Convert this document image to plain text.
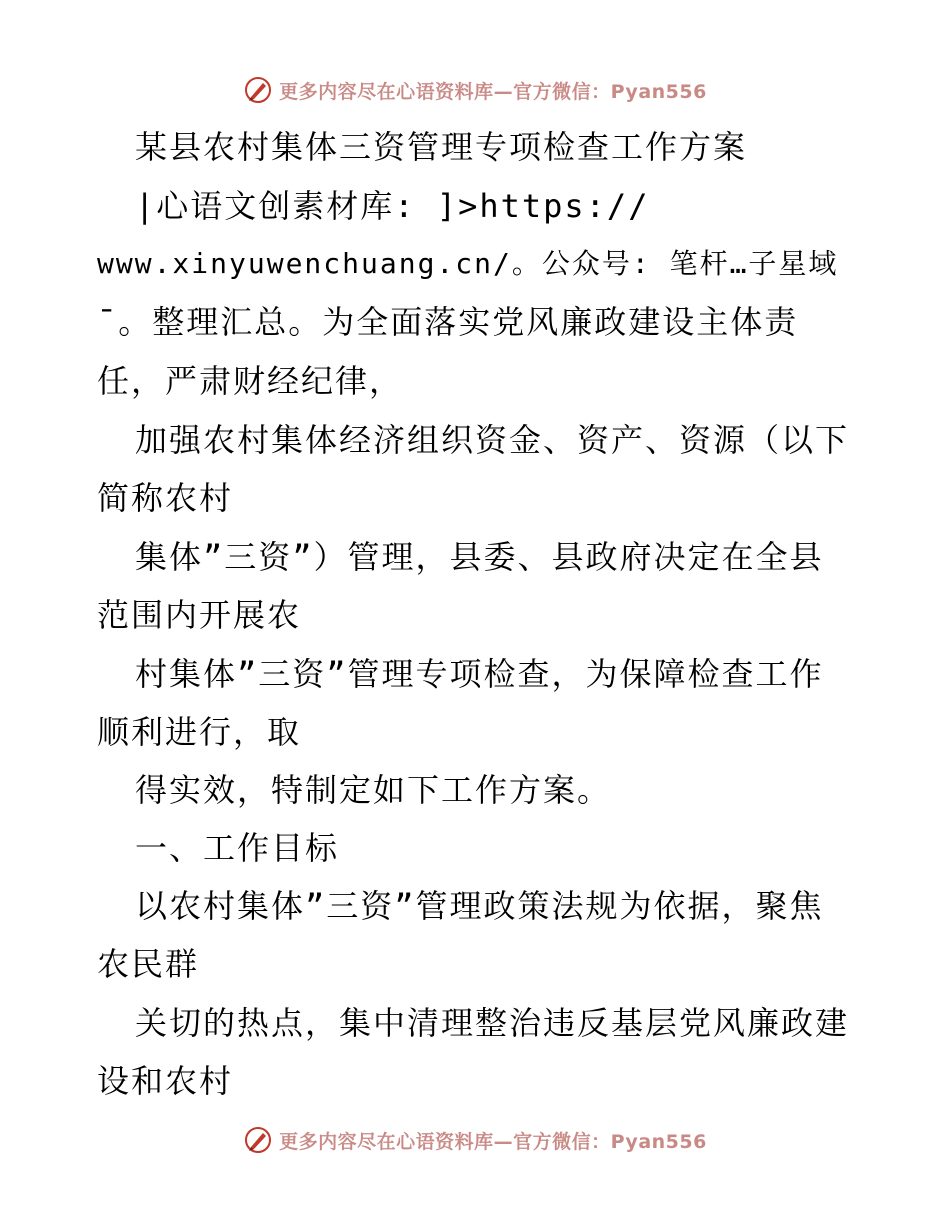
更多内容尽在心语资料库—官方微信：Pyan556
某县农村集体三资管理专项检查工作方案
|心语文创素材库: ]>https://
www.xinyuwenchuang.cn/。公众号: 笔杆…子星域
¯。整理汇总。为全面落实党风廉政建设主体责
任，严肃财经纪律，
加强农村集体经济组织资金、资产、资源（以下
简称农村
集体”三资”）管理，县委、县政府决定在全县
范围内开展农
村集体”三资”管理专项检查，为保障检查工作
顺利进行，取
得实效，特制定如下工作方案。
一、工作目标
以农村集体”三资”管理政策法规为依据，聚焦
农民群
关切的热点，集中清理整治违反基层党风廉政建
设和农村
更多内容尽在心语资料库—官方微信：Pyan556
